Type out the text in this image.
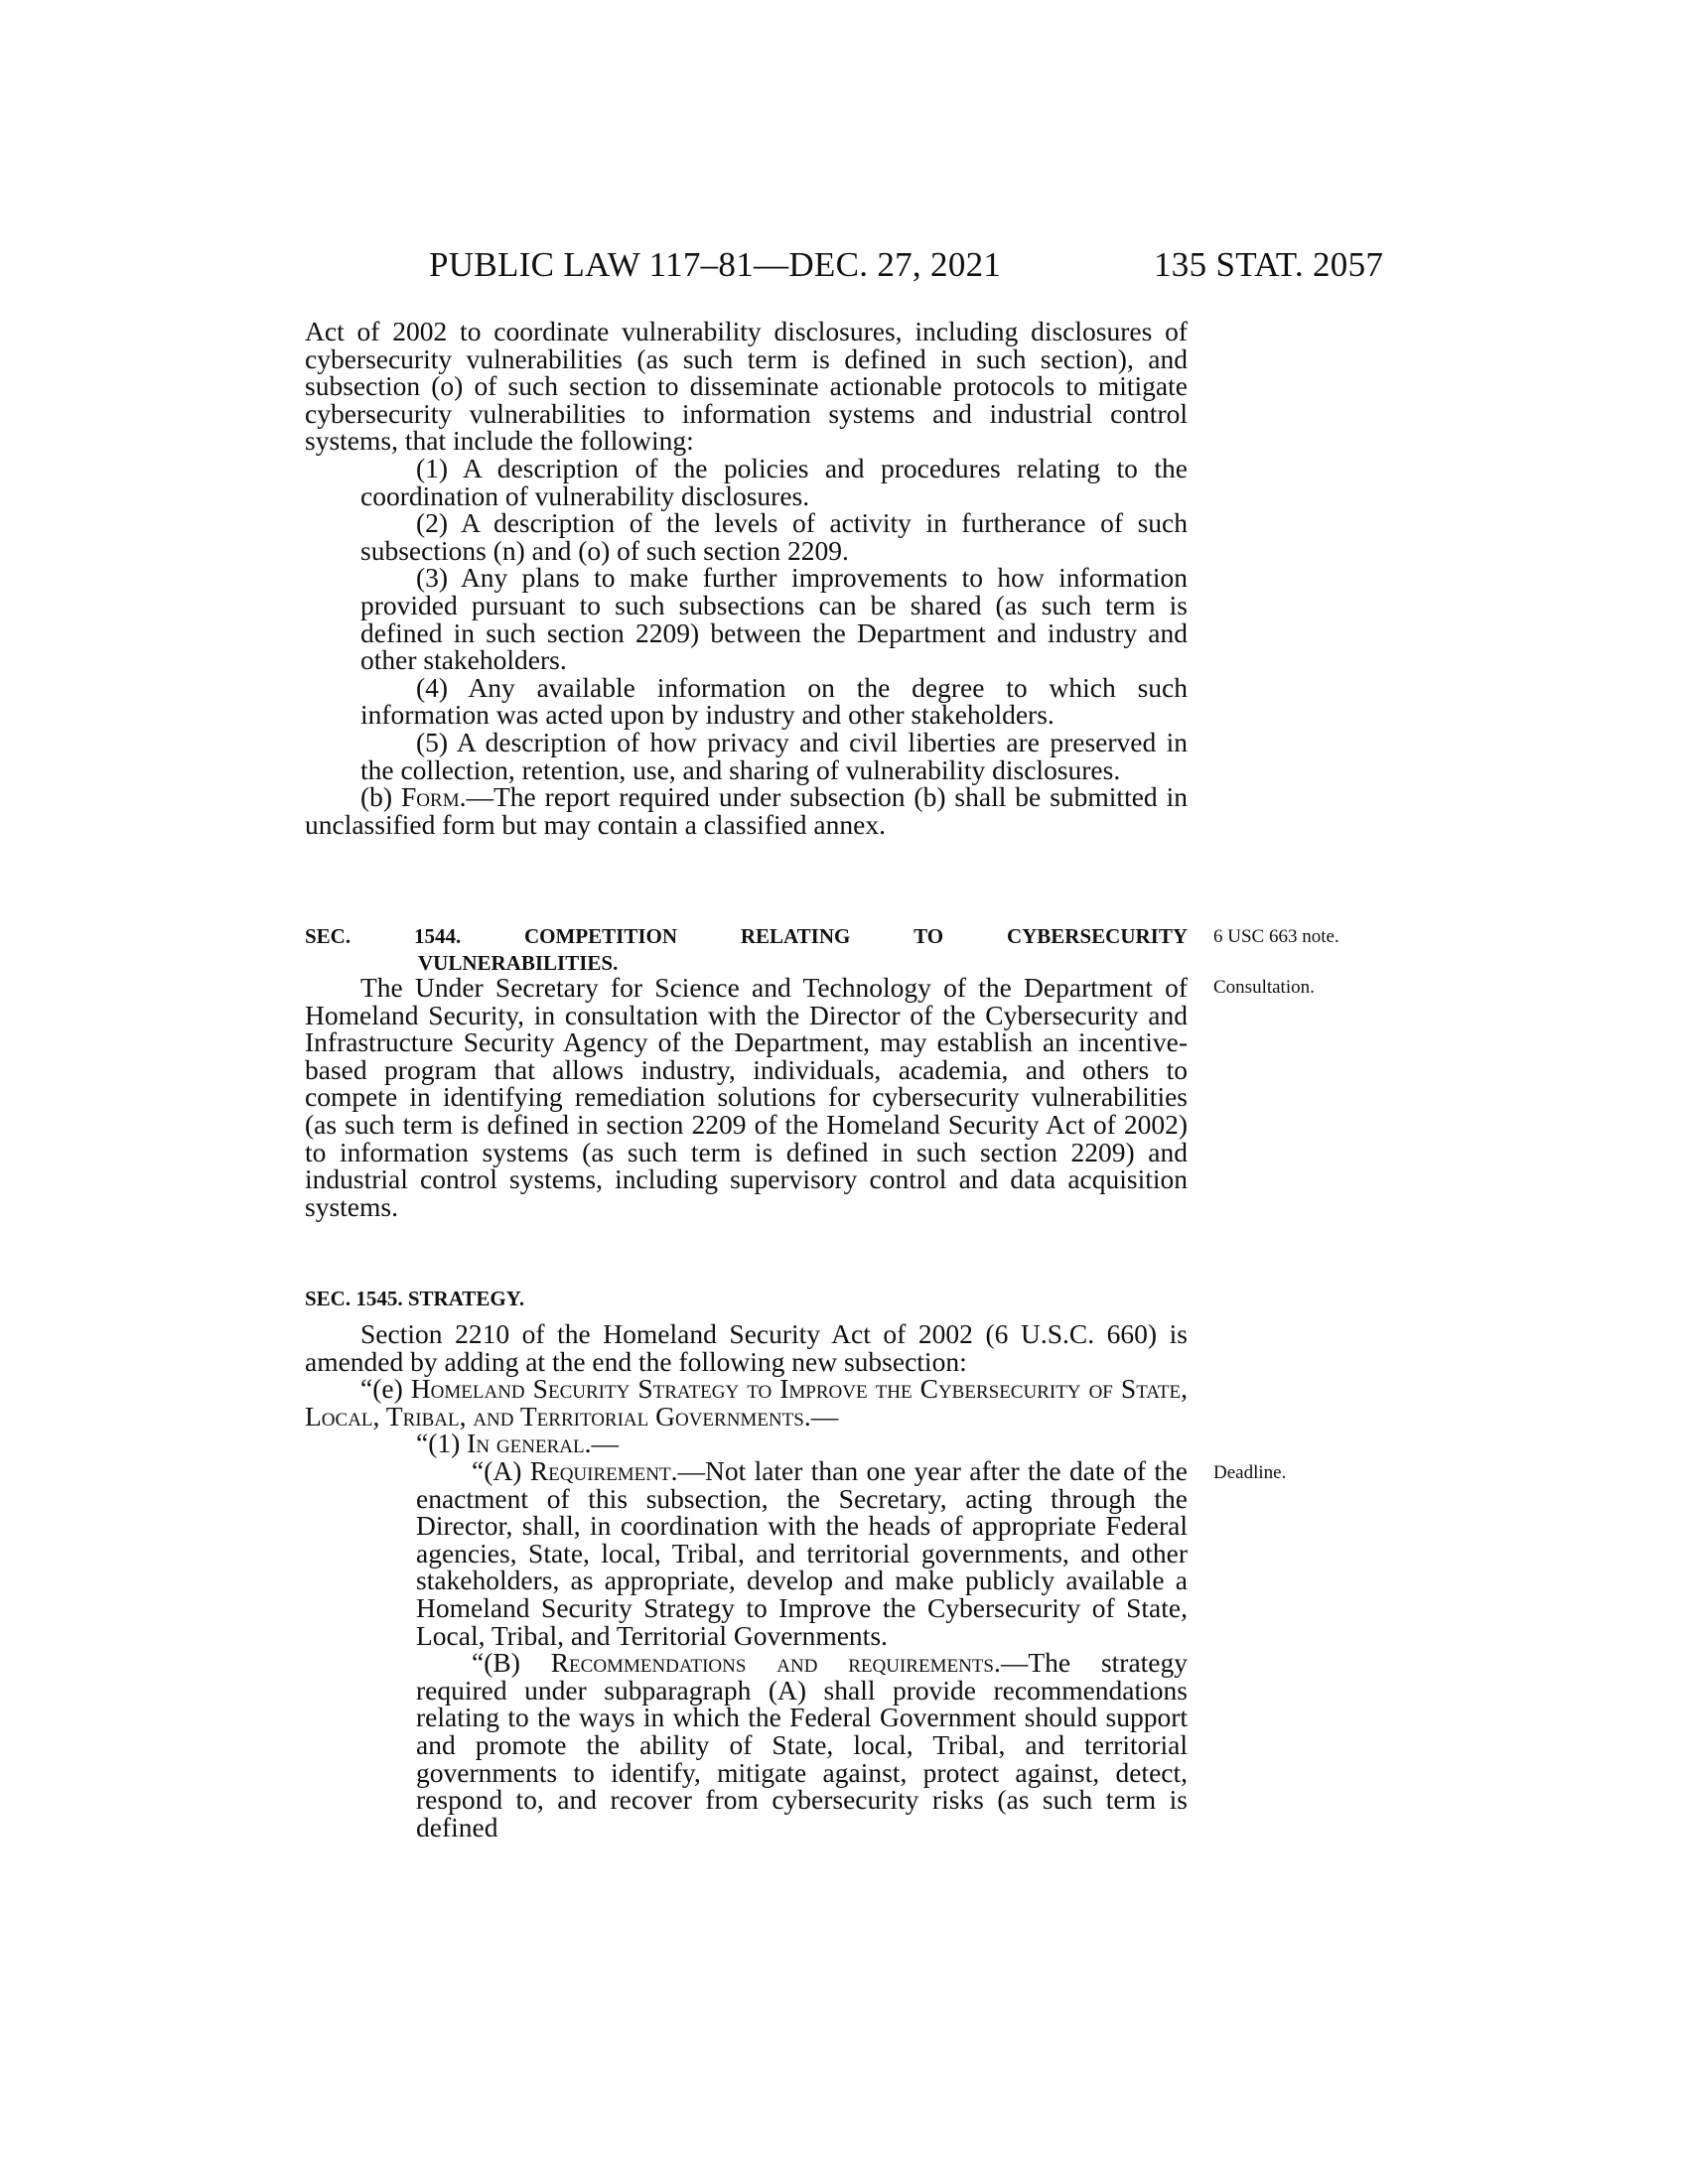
PUBLIC LAW 117–81—DEC. 27, 2021	135 STAT. 2057

Act of 2002 to coordinate vulnerability disclosures, including disclosures of cybersecurity vulnerabilities (as such term is defined in such section), and subsection (o) of such section to disseminate actionable protocols to mitigate cybersecurity vulnerabilities to information systems and industrial control systems, that include the following:

(1) A description of the policies and procedures relating to the coordination of vulnerability disclosures.

(2) A description of the levels of activity in furtherance of such subsections (n) and (o) of such section 2209.

(3) Any plans to make further improvements to how information provided pursuant to such subsections can be shared (as such term is defined in such section 2209) between the Department and industry and other stakeholders.

(4) Any available information on the degree to which such information was acted upon by industry and other stakeholders.

(5) A description of how privacy and civil liberties are preserved in the collection, retention, use, and sharing of vulnerability disclosures.

(b) Form.—The report required under subsection (b) shall be submitted in unclassified form but may contain a classified annex.

SEC.	1544.	COMPETITION	RELATING	TO	CYBERSECURITY
VULNERABILITIES.
6 USC 663 note.

The Under Secretary for Science and Technology of the Department of Homeland Security, in consultation with the Director of the Cybersecurity and Infrastructure Security Agency of the Department, may establish an incentive-based program that allows industry, individuals, academia, and others to compete in identifying remediation solutions for cybersecurity vulnerabilities (as such term is defined in section 2209 of the Homeland Security Act of 2002) to information systems (as such term is defined in such section 2209) and industrial control systems, including supervisory control and data acquisition systems.

Consultation.
SEC. 1545. STRATEGY.

Section 2210 of the Homeland Security Act of 2002 (6 U.S.C. 660) is amended by adding at the end the following new subsection:

“(e) Homeland Security Strategy to Improve the Cybersecurity of State, Local, Tribal, and Territorial Governments.—

“(1) In general.—

“(A) Requirement.—Not later than one year after the date of the enactment of this subsection, the Secretary, acting through the Director, shall, in coordination with the heads of appropriate Federal agencies, State, local, Tribal, and territorial governments, and other stakeholders, as appropriate, develop and make publicly available a Homeland Security Strategy to Improve the Cybersecurity of State, Local, Tribal, and Territorial Governments.

“(B) Recommendations and requirements.—The strategy required under subparagraph (A) shall provide recommendations relating to the ways in which the Federal Government should support and promote the ability of State, local, Tribal, and territorial governments to identify, mitigate against, protect against, detect, respond to, and recover from cybersecurity risks (as such term is defined

Deadline.
